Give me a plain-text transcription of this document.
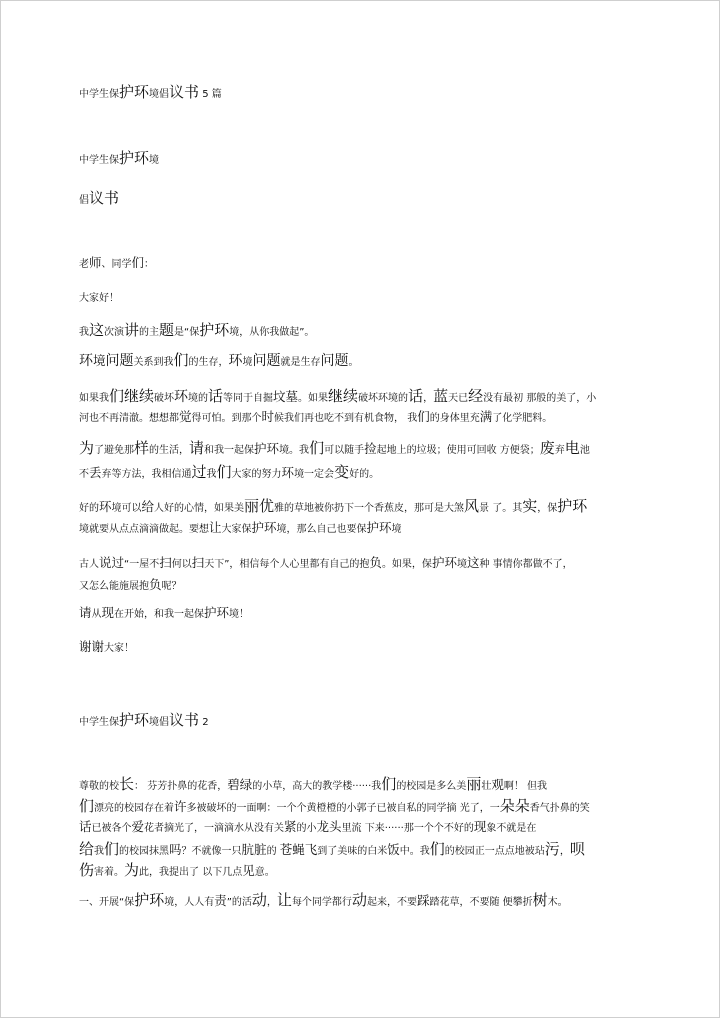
中学生保护环境倡议书 5 篇
中学生保护环境
倡议书
老师、同学们：
大家好！
我这次演讲的主题是“保护环境，从你我做起”。
环境问题关系到我们的生存，环境问题就是生存问题。
如果我们继续破坏环境的话等同于自掘坟墓。如果继续破坏环境的话，蓝天已经没有最初 那般的美了，小
河也不再清澈。想想都觉得可怕。到那个时候我们再也吃不到有机食物， 我们的身体里充满了化学肥料。
为了避免那样的生活，请和我一起保护环境。我们可以随手捡起地上的垃圾；使用可回收 方便袋；废弃电池
不丢弃等方法，我相信通过我们大家的努力环境一定会变好的。
好的环境可以给人好的心情，如果美丽优雅的草地被你扔下一个香蕉皮，那可是大煞风景 了。其实，保护环
境就要从点点滴滴做起。要想让大家保护环境，那么自己也要保护环境
古人说过“一屋不扫何以扫天下”，相信每个人心里都有自己的抱负。如果，保护环境这种 事情你都做不了，
又怎么能施展抱负呢？
请从现在开始，和我一起保护环境！
谢谢大家！
中学生保护环境倡议书 2
尊敬的校长： 芬芳扑鼻的花香，碧绿的小草，高大的教学楼······我们的校园是多么美丽壮观啊！ 但我
们漂亮的校园存在着许多被破坏的一面啊：一个个黄橙橙的小郭子已被自私的同学摘 光了，一朵朵香气扑鼻的笑
话已被各个爱花者摘光了，一滴滴水从没有关紧的小龙头里流 下来······那一个个不好的现象不就是在
给我们的校园抹黑吗？不就像一只肮脏的 苍蝇飞到了美味的白米饭中。我们的校园正一点点地被玷污，呗
伤害着。为此，我提出了 以下几点见意。
一、开展“保护环境，人人有责”的活动，让每个同学都行动起来，不要踩踏花草，不要随 便攀折树木。
